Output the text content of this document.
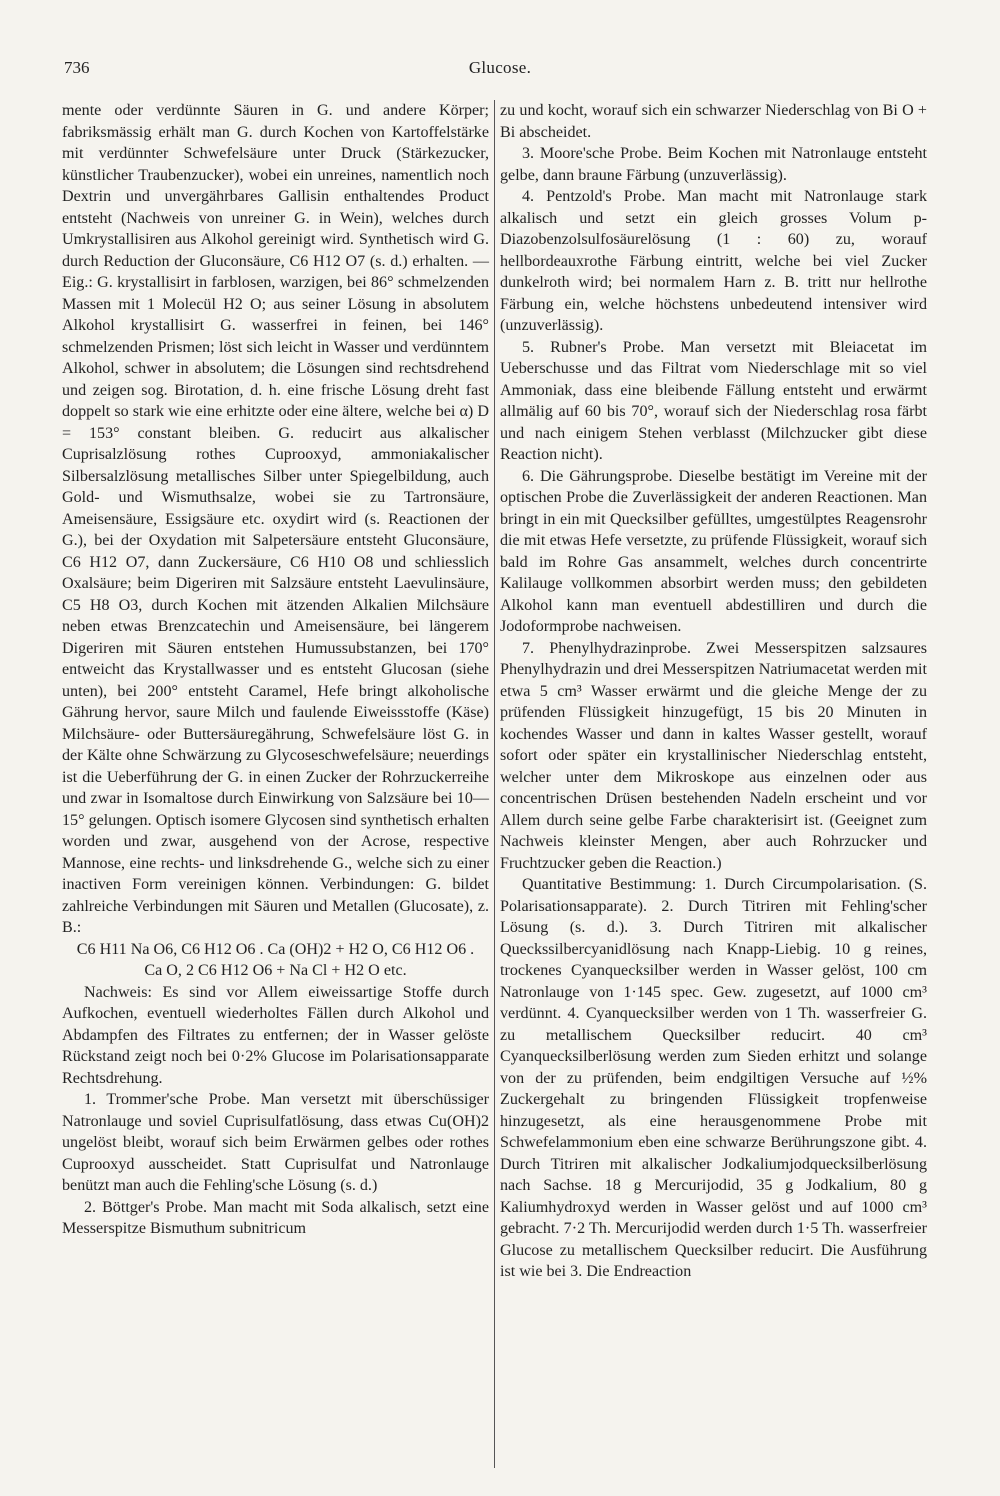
736	Glucose.

mente oder verdünnte Säuren in G. und andere Körper; fabriksmässig erhält man G. durch Kochen von Kartoffelstärke mit verdünnter Schwefelsäure unter Druck (Stärkezucker, künstlicher Traubenzucker), wobei ein unreines, namentlich noch Dextrin und unvergährbares Gallisin enthaltendes Product entsteht (Nachweis von unreiner G. in Wein), welches durch Umkrystallisiren aus Alkohol gereinigt wird. Synthetisch wird G. durch Reduction der Gluconsäure, C6 H12 O7 (s. d.) erhalten. — Eig.: G. krystallisirt in farblosen, warzigen, bei 86° schmelzenden Massen mit 1 Molecül H2 O; aus seiner Lösung in absolutem Alkohol krystallisirt G. wasserfrei in feinen, bei 146° schmelzenden Prismen; löst sich leicht in Wasser und verdünntem Alkohol, schwer in absolutem; die Lösungen sind rechtsdrehend und zeigen sog. Birotation, d. h. eine frische Lösung dreht fast doppelt so stark wie eine erhitzte oder eine ältere, welche bei α) D = 153° constant bleiben. G. reducirt aus alkalischer Cuprisalzlösung rothes Cuprooxyd, ammoniakalischer Silbersalzlösung metallisches Silber unter Spiegelbildung, auch Gold- und Wismuthsalze, wobei sie zu Tartronsäure, Ameisensäure, Essigsäure etc. oxydirt wird (s. Reactionen der G.), bei der Oxydation mit Salpetersäure entsteht Gluconsäure, C6 H12 O7, dann Zuckersäure, C6 H10 O8 und schliesslich Oxalsäure; beim Digeriren mit Salzsäure entsteht Laevulinsäure, C5 H8 O3, durch Kochen mit ätzenden Alkalien Milchsäure neben etwas Brenzcatechin und Ameisensäure, bei längerem Digeriren mit Säuren entstehen Humussubstanzen, bei 170° entweicht das Krystallwasser und es entsteht Glucosan (siehe unten), bei 200° entsteht Caramel, Hefe bringt alkoholische Gährung hervor, saure Milch und faulende Eiweissstoffe (Käse) Milchsäure- oder Buttersäuregährung, Schwefelsäure löst G. in der Kälte ohne Schwärzung zu Glycoseschwefelsäure; neuerdings ist die Ueberführung der G. in einen Zucker der Rohrzuckerreihe und zwar in Isomaltose durch Einwirkung von Salzsäure bei 10—15° gelungen. Optisch isomere Glycosen sind synthetisch erhalten worden und zwar, ausgehend von der Acrose, respective Mannose, eine rechts- und linksdrehende G., welche sich zu einer inactiven Form vereinigen können. Verbindungen: G. bildet zahlreiche Verbindungen mit Säuren und Metallen (Glucosate), z. B.:

C6 H11 Na O6, C6 H12 O6 . Ca (OH)2 + H2 O, C6 H12 O6 .

Ca O, 2 C6 H12 O6 + Na Cl + H2 O etc.

Nachweis: Es sind vor Allem eiweissartige Stoffe durch Aufkochen, eventuell wiederholtes Fällen durch Alkohol und Abdampfen des Filtrates zu entfernen; der in Wasser gelöste Rückstand zeigt noch bei 0·2% Glucose im Polarisationsapparate Rechtsdrehung.

1. Trommer'sche Probe. Man versetzt mit überschüssiger Natronlauge und soviel Cuprisulfatlösung, dass etwas Cu(OH)2 ungelöst bleibt, worauf sich beim Erwärmen gelbes oder rothes Cuprooxyd ausscheidet. Statt Cuprisulfat und Natronlauge benützt man auch die Fehling'sche Lösung (s. d.)

2. Böttger's Probe. Man macht mit Soda alkalisch, setzt eine Messerspitze Bismuthum subnitricum

zu und kocht, worauf sich ein schwarzer Niederschlag von Bi O + Bi abscheidet.

3. Moore'sche Probe. Beim Kochen mit Natronlauge entsteht gelbe, dann braune Färbung (unzuverlässig).

4. Pentzold's Probe. Man macht mit Natronlauge stark alkalisch und setzt ein gleich grosses Volum p-Diazobenzolsulfosäurelösung (1 : 60) zu, worauf hellbordeauxrothe Färbung eintritt, welche bei viel Zucker dunkelroth wird; bei normalem Harn z. B. tritt nur hellrothe Färbung ein, welche höchstens unbedeutend intensiver wird (unzuverlässig).

5. Rubner's Probe. Man versetzt mit Bleiacetat im Ueberschusse und das Filtrat vom Niederschlage mit so viel Ammoniak, dass eine bleibende Fällung entsteht und erwärmt allmälig auf 60 bis 70°, worauf sich der Niederschlag rosa färbt und nach einigem Stehen verblasst (Milchzucker gibt diese Reaction nicht).

6. Die Gährungsprobe. Dieselbe bestätigt im Vereine mit der optischen Probe die Zuverlässigkeit der anderen Reactionen. Man bringt in ein mit Quecksilber gefülltes, umgestülptes Reagensrohr die mit etwas Hefe versetzte, zu prüfende Flüssigkeit, worauf sich bald im Rohre Gas ansammelt, welches durch concentrirte Kalilauge vollkommen absorbirt werden muss; den gebildeten Alkohol kann man eventuell abdestilliren und durch die Jodoformprobe nachweisen.

7. Phenylhydrazinprobe. Zwei Messerspitzen salzsaures Phenylhydrazin und drei Messerspitzen Natriumacetat werden mit etwa 5 cm³ Wasser erwärmt und die gleiche Menge der zu prüfenden Flüssigkeit hinzugefügt, 15 bis 20 Minuten in kochendes Wasser und dann in kaltes Wasser gestellt, worauf sofort oder später ein krystallinischer Niederschlag entsteht, welcher unter dem Mikroskope aus einzelnen oder aus concentrischen Drüsen bestehenden Nadeln erscheint und vor Allem durch seine gelbe Farbe charakterisirt ist. (Geeignet zum Nachweis kleinster Mengen, aber auch Rohrzucker und Fruchtzucker geben die Reaction.)

Quantitative Bestimmung: 1. Durch Circumpolarisation. (S. Polarisationsapparate). 2. Durch Titriren mit Fehling'scher Lösung (s. d.). 3. Durch Titriren mit alkalischer Queckssilbercyanidlösung nach Knapp-Liebig. 10 g reines, trockenes Cyanquecksilber werden in Wasser gelöst, 100 cm Natronlauge von 1·145 spec. Gew. zugesetzt, auf 1000 cm³ verdünnt. 4. Cyanquecksilber werden von 1 Th. wasserfreier G. zu metallischem Quecksilber reducirt. 40 cm³ Cyanquecksilberlösung werden zum Sieden erhitzt und solange von der zu prüfenden, beim endgiltigen Versuche auf ½% Zuckergehalt zu bringenden Flüssigkeit tropfenweise hinzugesetzt, als eine herausgenommene Probe mit Schwefelammonium eben eine schwarze Berührungszone gibt. 4. Durch Titriren mit alkalischer Jodkaliumjodquecksilberlösung nach Sachse. 18 g Mercurijodid, 35 g Jodkalium, 80 g Kaliumhydroxyd werden in Wasser gelöst und auf 1000 cm³ gebracht. 7·2 Th. Mercurijodid werden durch 1·5 Th. wasserfreier Glucose zu metallischem Quecksilber reducirt. Die Ausführung ist wie bei 3. Die Endreaction
